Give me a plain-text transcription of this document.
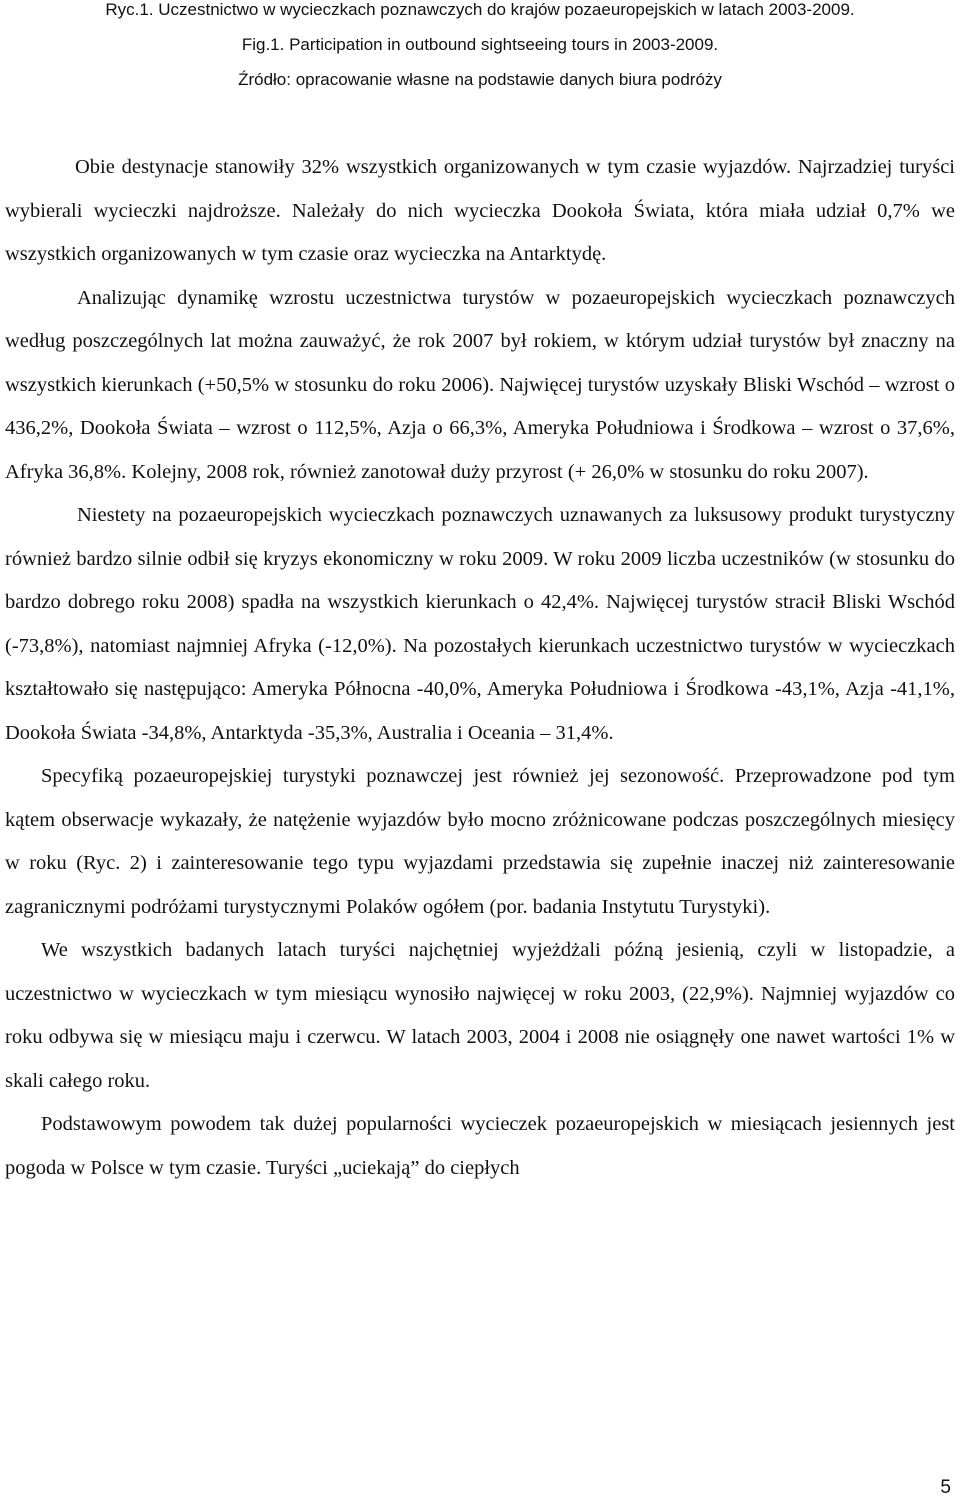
Ryc.1. Uczestnictwo w wycieczkach poznawczych do krajów pozaeuropejskich w latach 2003-2009.
Fig.1. Participation in outbound sightseeing tours in 2003-2009.
Źródło: opracowanie własne na podstawie danych biura podróży

Obie destynacje stanowiły 32% wszystkich organizowanych w tym czasie wyjazdów. Najrzadziej turyści wybierali wycieczki najdroższe. Należały do nich wycieczka Dookoła Świata, która miała udział 0,7% we wszystkich organizowanych w tym czasie oraz wycieczka na Antarktydę.

Analizując dynamikę wzrostu uczestnictwa turystów w pozaeuropejskich wycieczkach poznawczych według poszczególnych lat można zauważyć, że rok 2007 był rokiem, w którym udział turystów był znaczny na wszystkich kierunkach (+50,5% w stosunku do roku 2006). Najwięcej turystów uzyskały Bliski Wschód – wzrost o 436,2%, Dookoła Świata – wzrost o 112,5%, Azja o 66,3%, Ameryka Południowa i Środkowa – wzrost o 37,6%, Afryka 36,8%. Kolejny, 2008 rok, również zanotował duży przyrost (+ 26,0% w stosunku do roku 2007).

Niestety na pozaeuropejskich wycieczkach poznawczych uznawanych za luksusowy produkt turystyczny również bardzo silnie odbił się kryzys ekonomiczny w roku 2009. W roku 2009 liczba uczestników (w stosunku do bardzo dobrego roku 2008) spadła na wszystkich kierunkach o 42,4%. Najwięcej turystów stracił Bliski Wschód (-73,8%), natomiast najmniej Afryka (-12,0%). Na pozostałych kierunkach uczestnictwo turystów w wycieczkach kształtowało się następująco: Ameryka Północna -40,0%, Ameryka Południowa i Środkowa -43,1%, Azja -41,1%, Dookoła Świata -34,8%, Antarktyda -35,3%, Australia i Oceania – 31,4%.

Specyfiką pozaeuropejskiej turystyki poznawczej jest również jej sezonowość. Przeprowadzone pod tym kątem obserwacje wykazały, że natężenie wyjazdów było mocno zróżnicowane podczas poszczególnych miesięcy w roku (Ryc. 2) i zainteresowanie tego typu wyjazdami przedstawia się zupełnie inaczej niż zainteresowanie zagranicznymi podróżami turystycznymi Polaków ogółem (por. badania Instytutu Turystyki).

We wszystkich badanych latach turyści najchętniej wyjeżdżali późną jesienią, czyli w listopadzie, a uczestnictwo w wycieczkach w tym miesiącu wynosiło najwięcej w roku 2003, (22,9%). Najmniej wyjazdów co roku odbywa się w miesiącu maju i czerwcu. W latach 2003, 2004 i 2008 nie osiągnęły one nawet wartości 1% w skali całego roku.

Podstawowym powodem tak dużej popularności wycieczek pozaeuropejskich w miesiącach jesiennych jest pogoda w Polsce w tym czasie. Turyści „uciekają” do ciepłych

5
